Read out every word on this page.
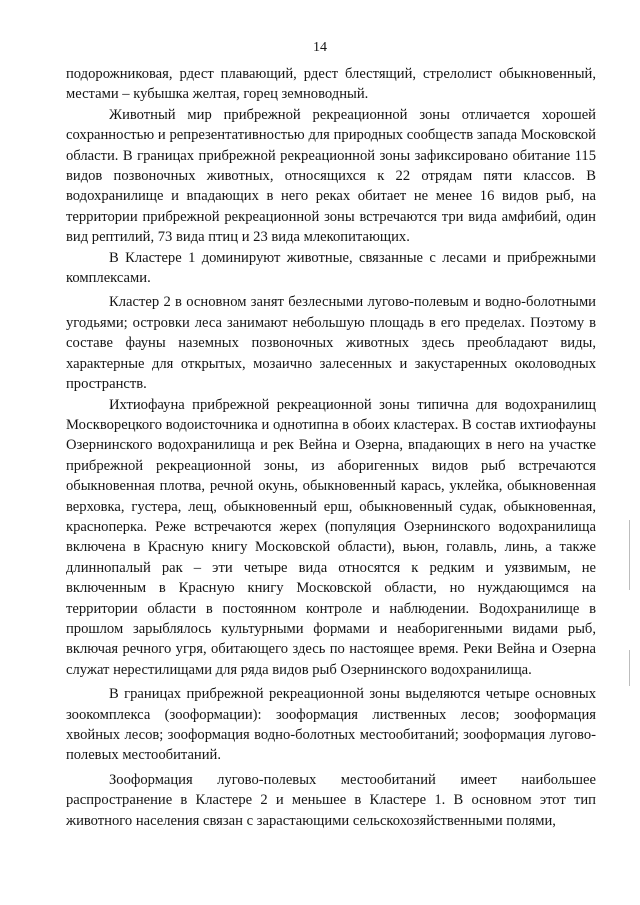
14

подорожниковая, рдест плавающий, рдест блестящий, стрелолист обыкновенный, местами – кубышка желтая, горец земноводный.

Животный мир прибрежной рекреационной зоны отличается хорошей сохранностью и репрезентативностью для природных сообществ запада Московской области. В границах прибрежной рекреационной зоны зафиксировано обитание 115 видов позвоночных животных, относящихся к 22 отрядам пяти классов. В водохранилище и впадающих в него реках обитает не менее 16 видов рыб, на территории прибрежной рекреационной зоны встречаются три вида амфибий, один вид рептилий, 73 вида птиц и 23 вида млекопитающих.

В Кластере 1 доминируют животные, связанные с лесами и прибрежными комплексами.

Кластер 2 в основном занят безлесными лугово-полевым и водно-болотными угодьями; островки леса занимают небольшую площадь в его пределах. Поэтому в составе фауны наземных позвоночных животных здесь преобладают виды, характерные для открытых, мозаично залесенных и закустаренных околоводных пространств.

Ихтиофауна прибрежной рекреационной зоны типична для водохранилищ Москворецкого водоисточника и однотипна в обоих кластерах. В состав ихтиофауны Озернинского водохранилища и рек Вейна и Озерна, впадающих в него на участке прибрежной рекреационной зоны, из аборигенных видов рыб встречаются обыкновенная плотва, речной окунь, обыкновенный карась, уклейка, обыкновенная верховка, густера, лещ, обыкновенный ерш, обыкновенный судак, обыкновенная, красноперка. Реже встречаются жерех (популяция Озернинского водохранилища включена в Красную книгу Московской области), вьюн, голавль, линь, а также длиннопалый рак – эти четыре вида относятся к редким и уязвимым, не включенным в Красную книгу Московской области, но нуждающимся на территории области в постоянном контроле и наблюдении. Водохранилище в прошлом зарыблялось культурными формами и неаборигенными видами рыб, включая речного угря, обитающего здесь по настоящее время. Реки Вейна и Озерна служат нерестилищами для ряда видов рыб Озернинского водохранилища.

В границах прибрежной рекреационной зоны выделяются четыре основных зоокомплекса (зооформации): зооформация лиственных лесов; зооформация хвойных лесов; зооформация водно-болотных местообитаний; зооформация лугово-полевых местообитаний.

Зооформация лугово-полевых местообитаний имеет наибольшее распространение в Кластере 2 и меньшее в Кластере 1. В основном этот тип животного населения связан с зарастающими сельскохозяйственными полями,
